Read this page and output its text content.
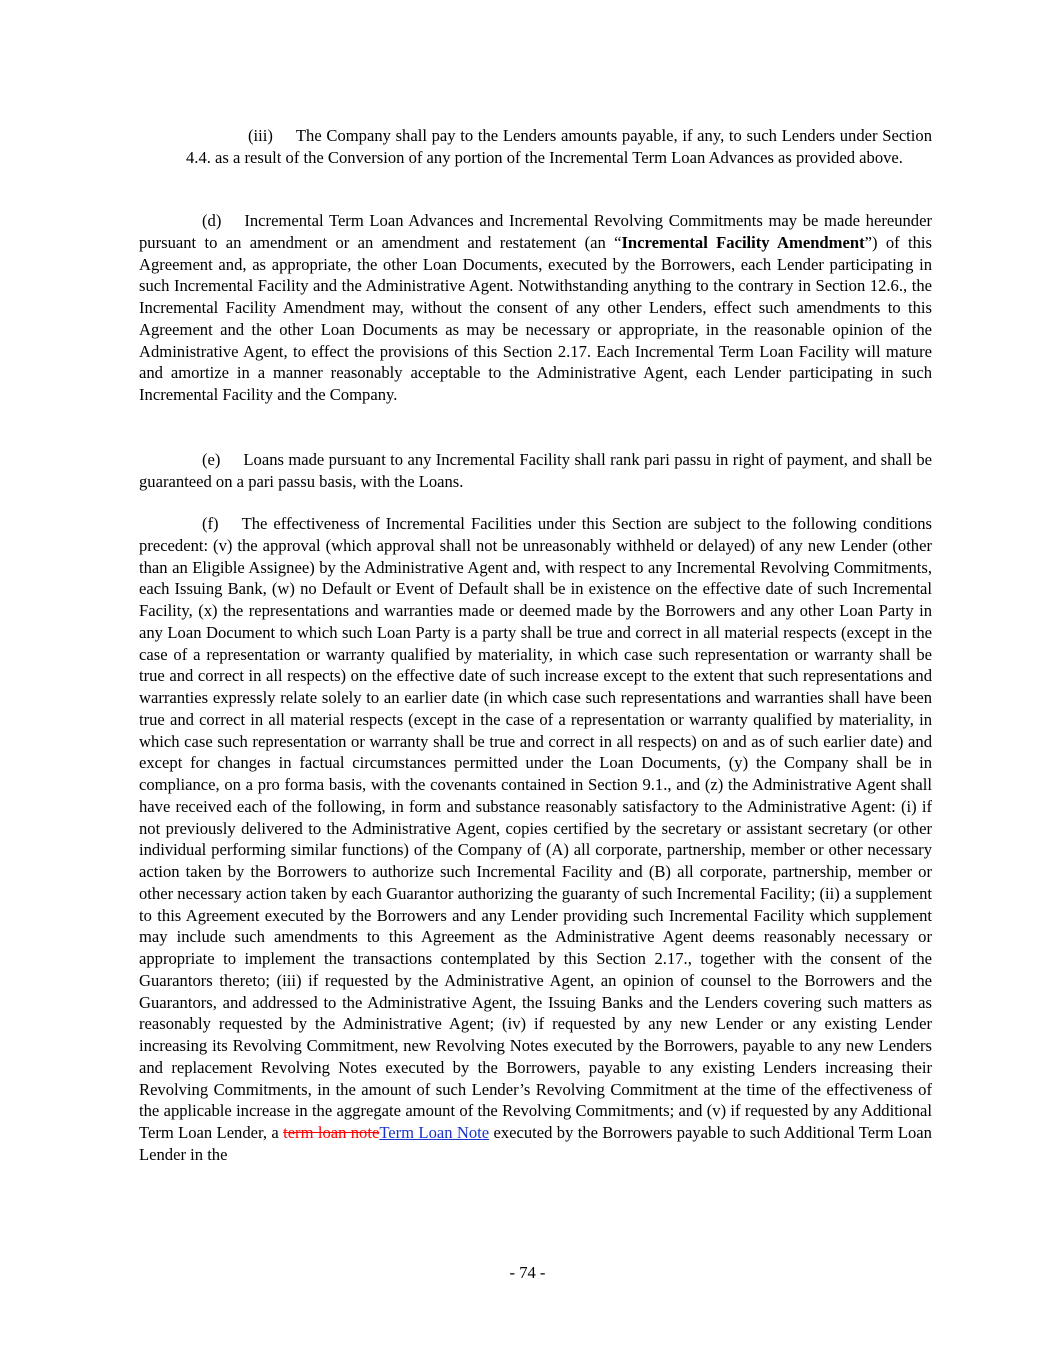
(iii) The Company shall pay to the Lenders amounts payable, if any, to such Lenders under Section 4.4. as a result of the Conversion of any portion of the Incremental Term Loan Advances as provided above.

(d) Incremental Term Loan Advances and Incremental Revolving Commitments may be made hereunder pursuant to an amendment or an amendment and restatement (an “Incremental Facility Amendment”) of this Agreement and, as appropriate, the other Loan Documents, executed by the Borrowers, each Lender participating in such Incremental Facility and the Administrative Agent. Notwithstanding anything to the contrary in Section 12.6., the Incremental Facility Amendment may, without the consent of any other Lenders, effect such amendments to this Agreement and the other Loan Documents as may be necessary or appropriate, in the reasonable opinion of the Administrative Agent, to effect the provisions of this Section 2.17. Each Incremental Term Loan Facility will mature and amortize in a manner reasonably acceptable to the Administrative Agent, each Lender participating in such Incremental Facility and the Company.

(e) Loans made pursuant to any Incremental Facility shall rank pari passu in right of payment, and shall be guaranteed on a pari passu basis, with the Loans.

(f) The effectiveness of Incremental Facilities under this Section are subject to the following conditions precedent: (v) the approval (which approval shall not be unreasonably withheld or delayed) of any new Lender (other than an Eligible Assignee) by the Administrative Agent and, with respect to any Incremental Revolving Commitments, each Issuing Bank, (w) no Default or Event of Default shall be in existence on the effective date of such Incremental Facility, (x) the representations and warranties made or deemed made by the Borrowers and any other Loan Party in any Loan Document to which such Loan Party is a party shall be true and correct in all material respects (except in the case of a representation or warranty qualified by materiality, in which case such representation or warranty shall be true and correct in all respects) on the effective date of such increase except to the extent that such representations and warranties expressly relate solely to an earlier date (in which case such representations and warranties shall have been true and correct in all material respects (except in the case of a representation or warranty qualified by materiality, in which case such representation or warranty shall be true and correct in all respects) on and as of such earlier date) and except for changes in factual circumstances permitted under the Loan Documents, (y) the Company shall be in compliance, on a pro forma basis, with the covenants contained in Section 9.1., and (z) the Administrative Agent shall have received each of the following, in form and substance reasonably satisfactory to the Administrative Agent: (i) if not previously delivered to the Administrative Agent, copies certified by the secretary or assistant secretary (or other individual performing similar functions) of the Company of (A) all corporate, partnership, member or other necessary action taken by the Borrowers to authorize such Incremental Facility and (B) all corporate, partnership, member or other necessary action taken by each Guarantor authorizing the guaranty of such Incremental Facility; (ii) a supplement to this Agreement executed by the Borrowers and any Lender providing such Incremental Facility which supplement may include such amendments to this Agreement as the Administrative Agent deems reasonably necessary or appropriate to implement the transactions contemplated by this Section 2.17., together with the consent of the Guarantors thereto; (iii) if requested by the Administrative Agent, an opinion of counsel to the Borrowers and the Guarantors, and addressed to the Administrative Agent, the Issuing Banks and the Lenders covering such matters as reasonably requested by the Administrative Agent; (iv) if requested by any new Lender or any existing Lender increasing its Revolving Commitment, new Revolving Notes executed by the Borrowers, payable to any new Lenders and replacement Revolving Notes executed by the Borrowers, payable to any existing Lenders increasing their Revolving Commitments, in the amount of such Lender’s Revolving Commitment at the time of the effectiveness of the applicable increase in the aggregate amount of the Revolving Commitments; and (v) if requested by any Additional Term Loan Lender, a term loan noteTerm Loan Note executed by the Borrowers payable to such Additional Term Loan Lender in the

- 74 -
